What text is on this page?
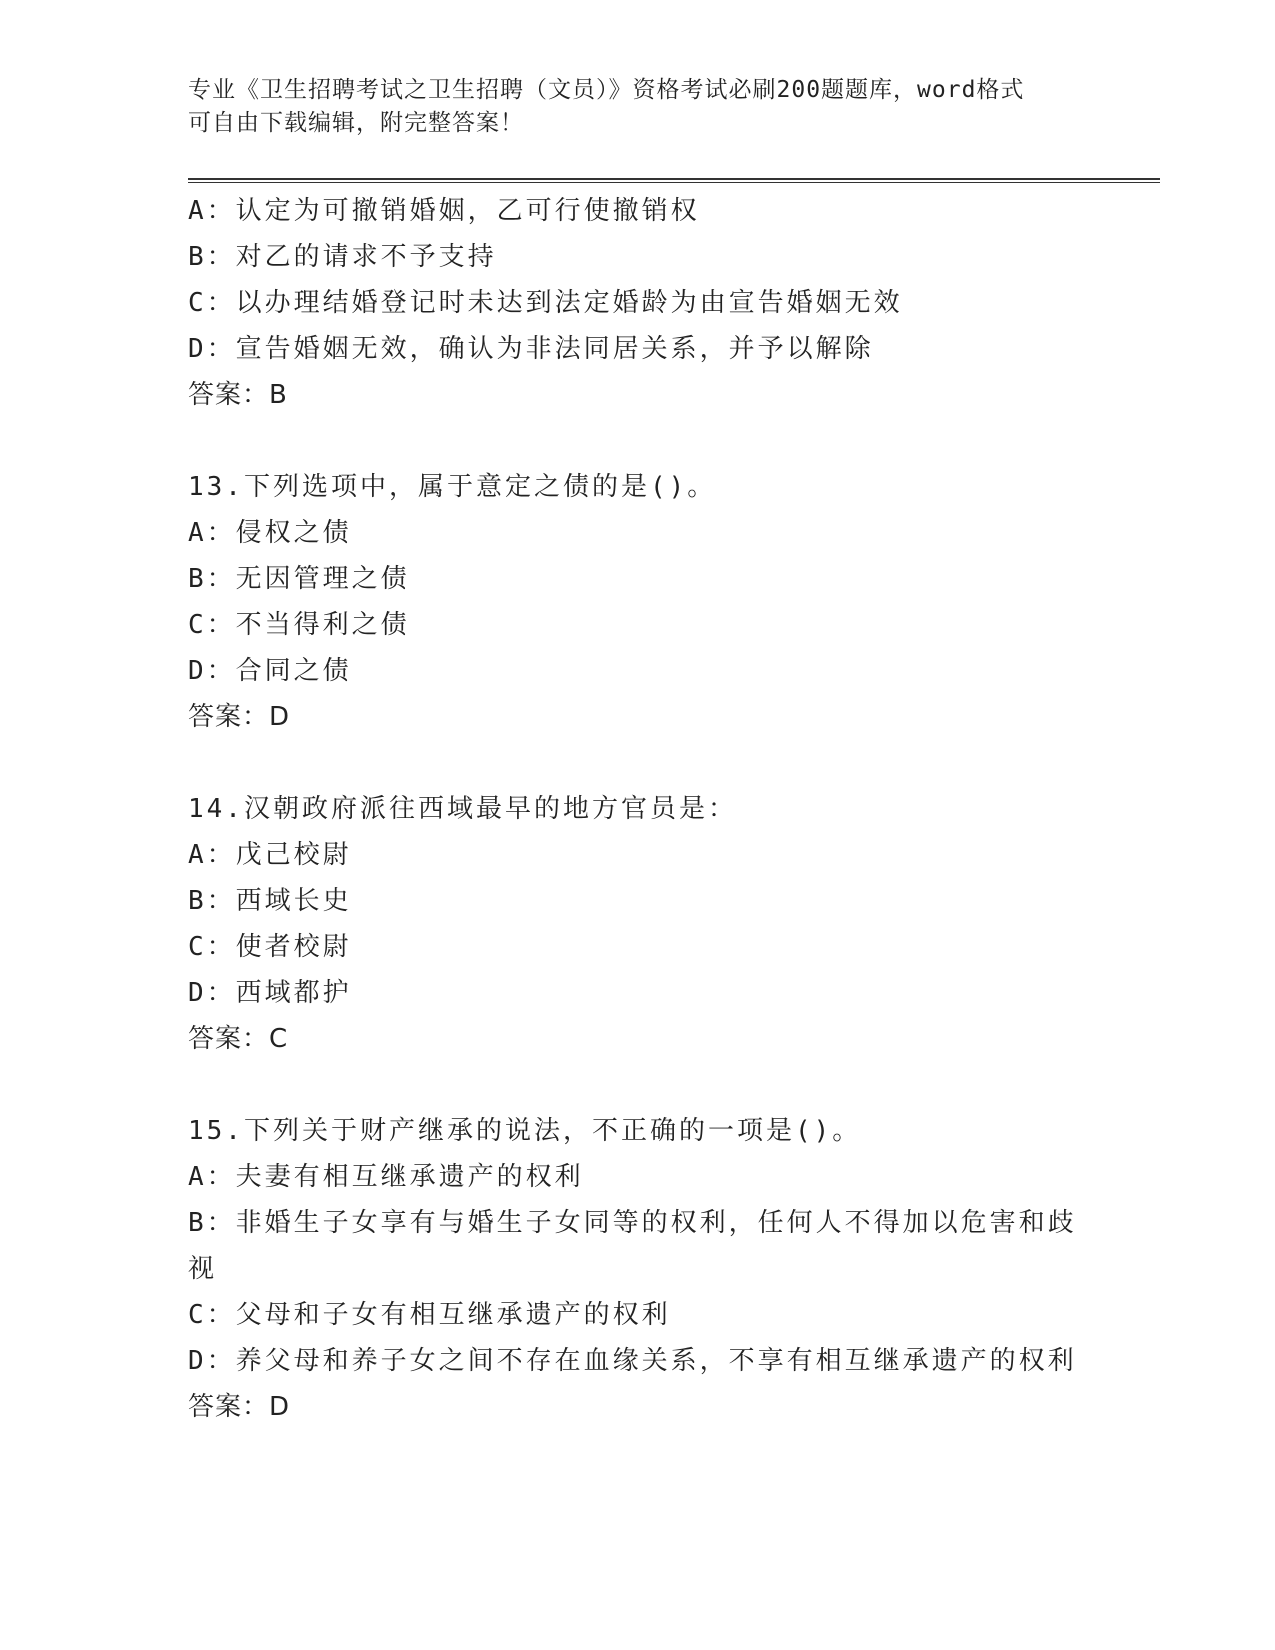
专业《卫生招聘考试之卫生招聘（文员）》资格考试必刷200题题库，word格式
可自由下载编辑，附完整答案！
A：认定为可撤销婚姻，乙可行使撤销权
B：对乙的请求不予支持
C：以办理结婚登记时未达到法定婚龄为由宣告婚姻无效
D：宣告婚姻无效，确认为非法同居关系，并予以解除
答案：B
13.下列选项中，属于意定之债的是()。
A：侵权之债
B：无因管理之债
C：不当得利之债
D：合同之债
答案：D
14.汉朝政府派往西域最早的地方官员是：
A：戊己校尉
B：西域长史
C：使者校尉
D：西域都护
答案：C
15.下列关于财产继承的说法，不正确的一项是()。
A：夫妻有相互继承遗产的权利
B：非婚生子女享有与婚生子女同等的权利，任何人不得加以危害和歧视
C：父母和子女有相互继承遗产的权利
D：养父母和养子女之间不存在血缘关系，不享有相互继承遗产的权利
答案：D
